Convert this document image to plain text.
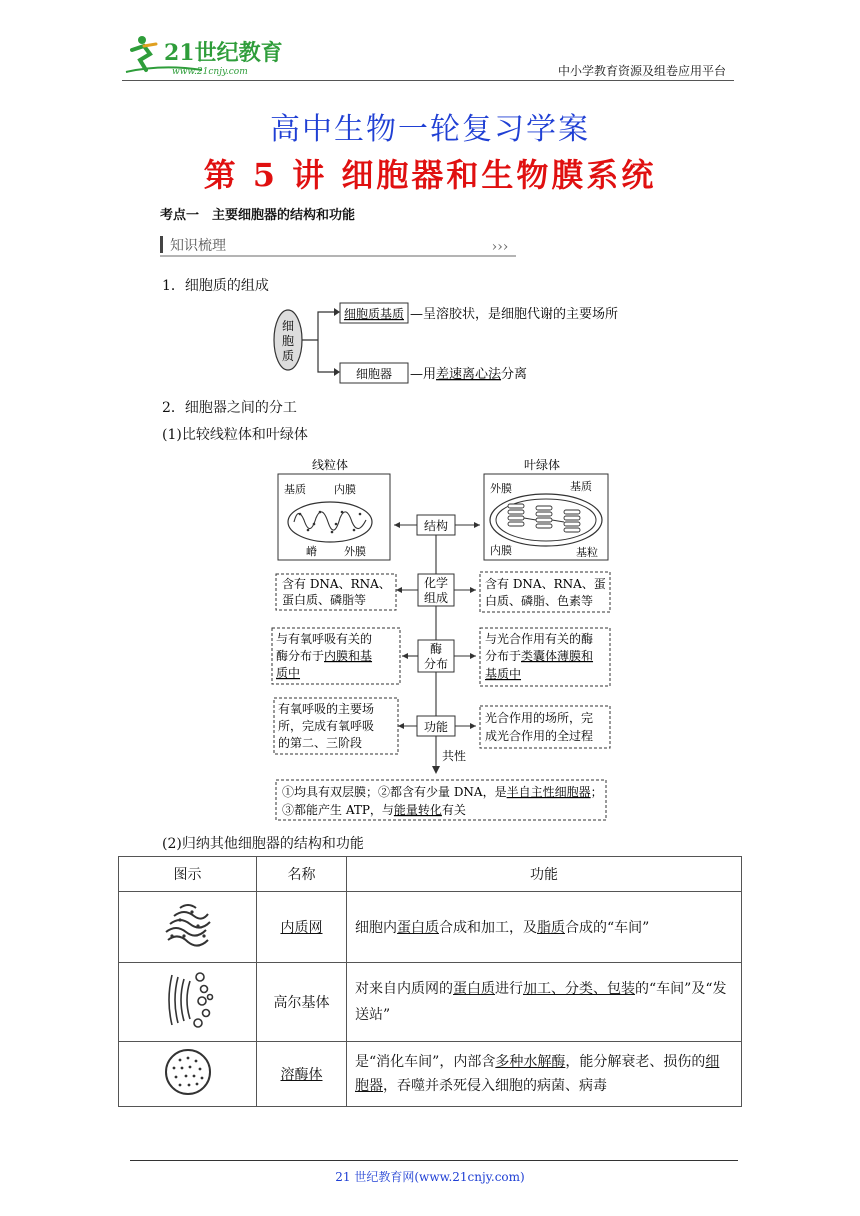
21世纪教育
www.21cnjy.com	中小学教育资源及组卷应用平台
高中生物一轮复习学案
第 5 讲 细胞器和生物膜系统
考点一　主要细胞器的结构和功能
›››
知识梳理
1．细胞质的组成
细
胞
质
细胞质基质 —呈溶胶状，是细胞代谢的主要场所
细胞器 —用差速离心法分离
2．细胞器之间的分工
(1)比较线粒体和叶绿体
线粒体	叶绿体
基质	内膜
嵴 外膜
外膜	基质
内膜	基粒
结构
化学
组成
酶
分布
功能
含有 DNA、RNA、
蛋白质、磷脂等
含有 DNA、RNA、蛋
白质、磷脂、色素等
与有氧呼吸有关的
酶分布于内膜和基
质中
与光合作用有关的酶
分布于类囊体薄膜和
基质中
有氧呼吸的主要场
所，完成有氧呼吸
的第二、三阶段
光合作用的场所，完
成光合作用的全过程
共性
①均具有双层膜；②都含有少量 DNA，是半自主性细胞器；
③都能产生 ATP，与能量转化有关
(2)归纳其他细胞器的结构和功能
图示	名称	功能
	内质网	细胞内蛋白质合成和加工，及脂质合成的“车间”
	高尔基体	对来自内质网的蛋白质进行加工、分类、包装的“车间”及“发送站”
	溶酶体	是“消化车间”，内部含多种水解酶，能分解衰老、损伤的细胞器，吞噬并杀死侵入细胞的病菌、病毒
21 世纪教育网(www.21cnjy.com)
